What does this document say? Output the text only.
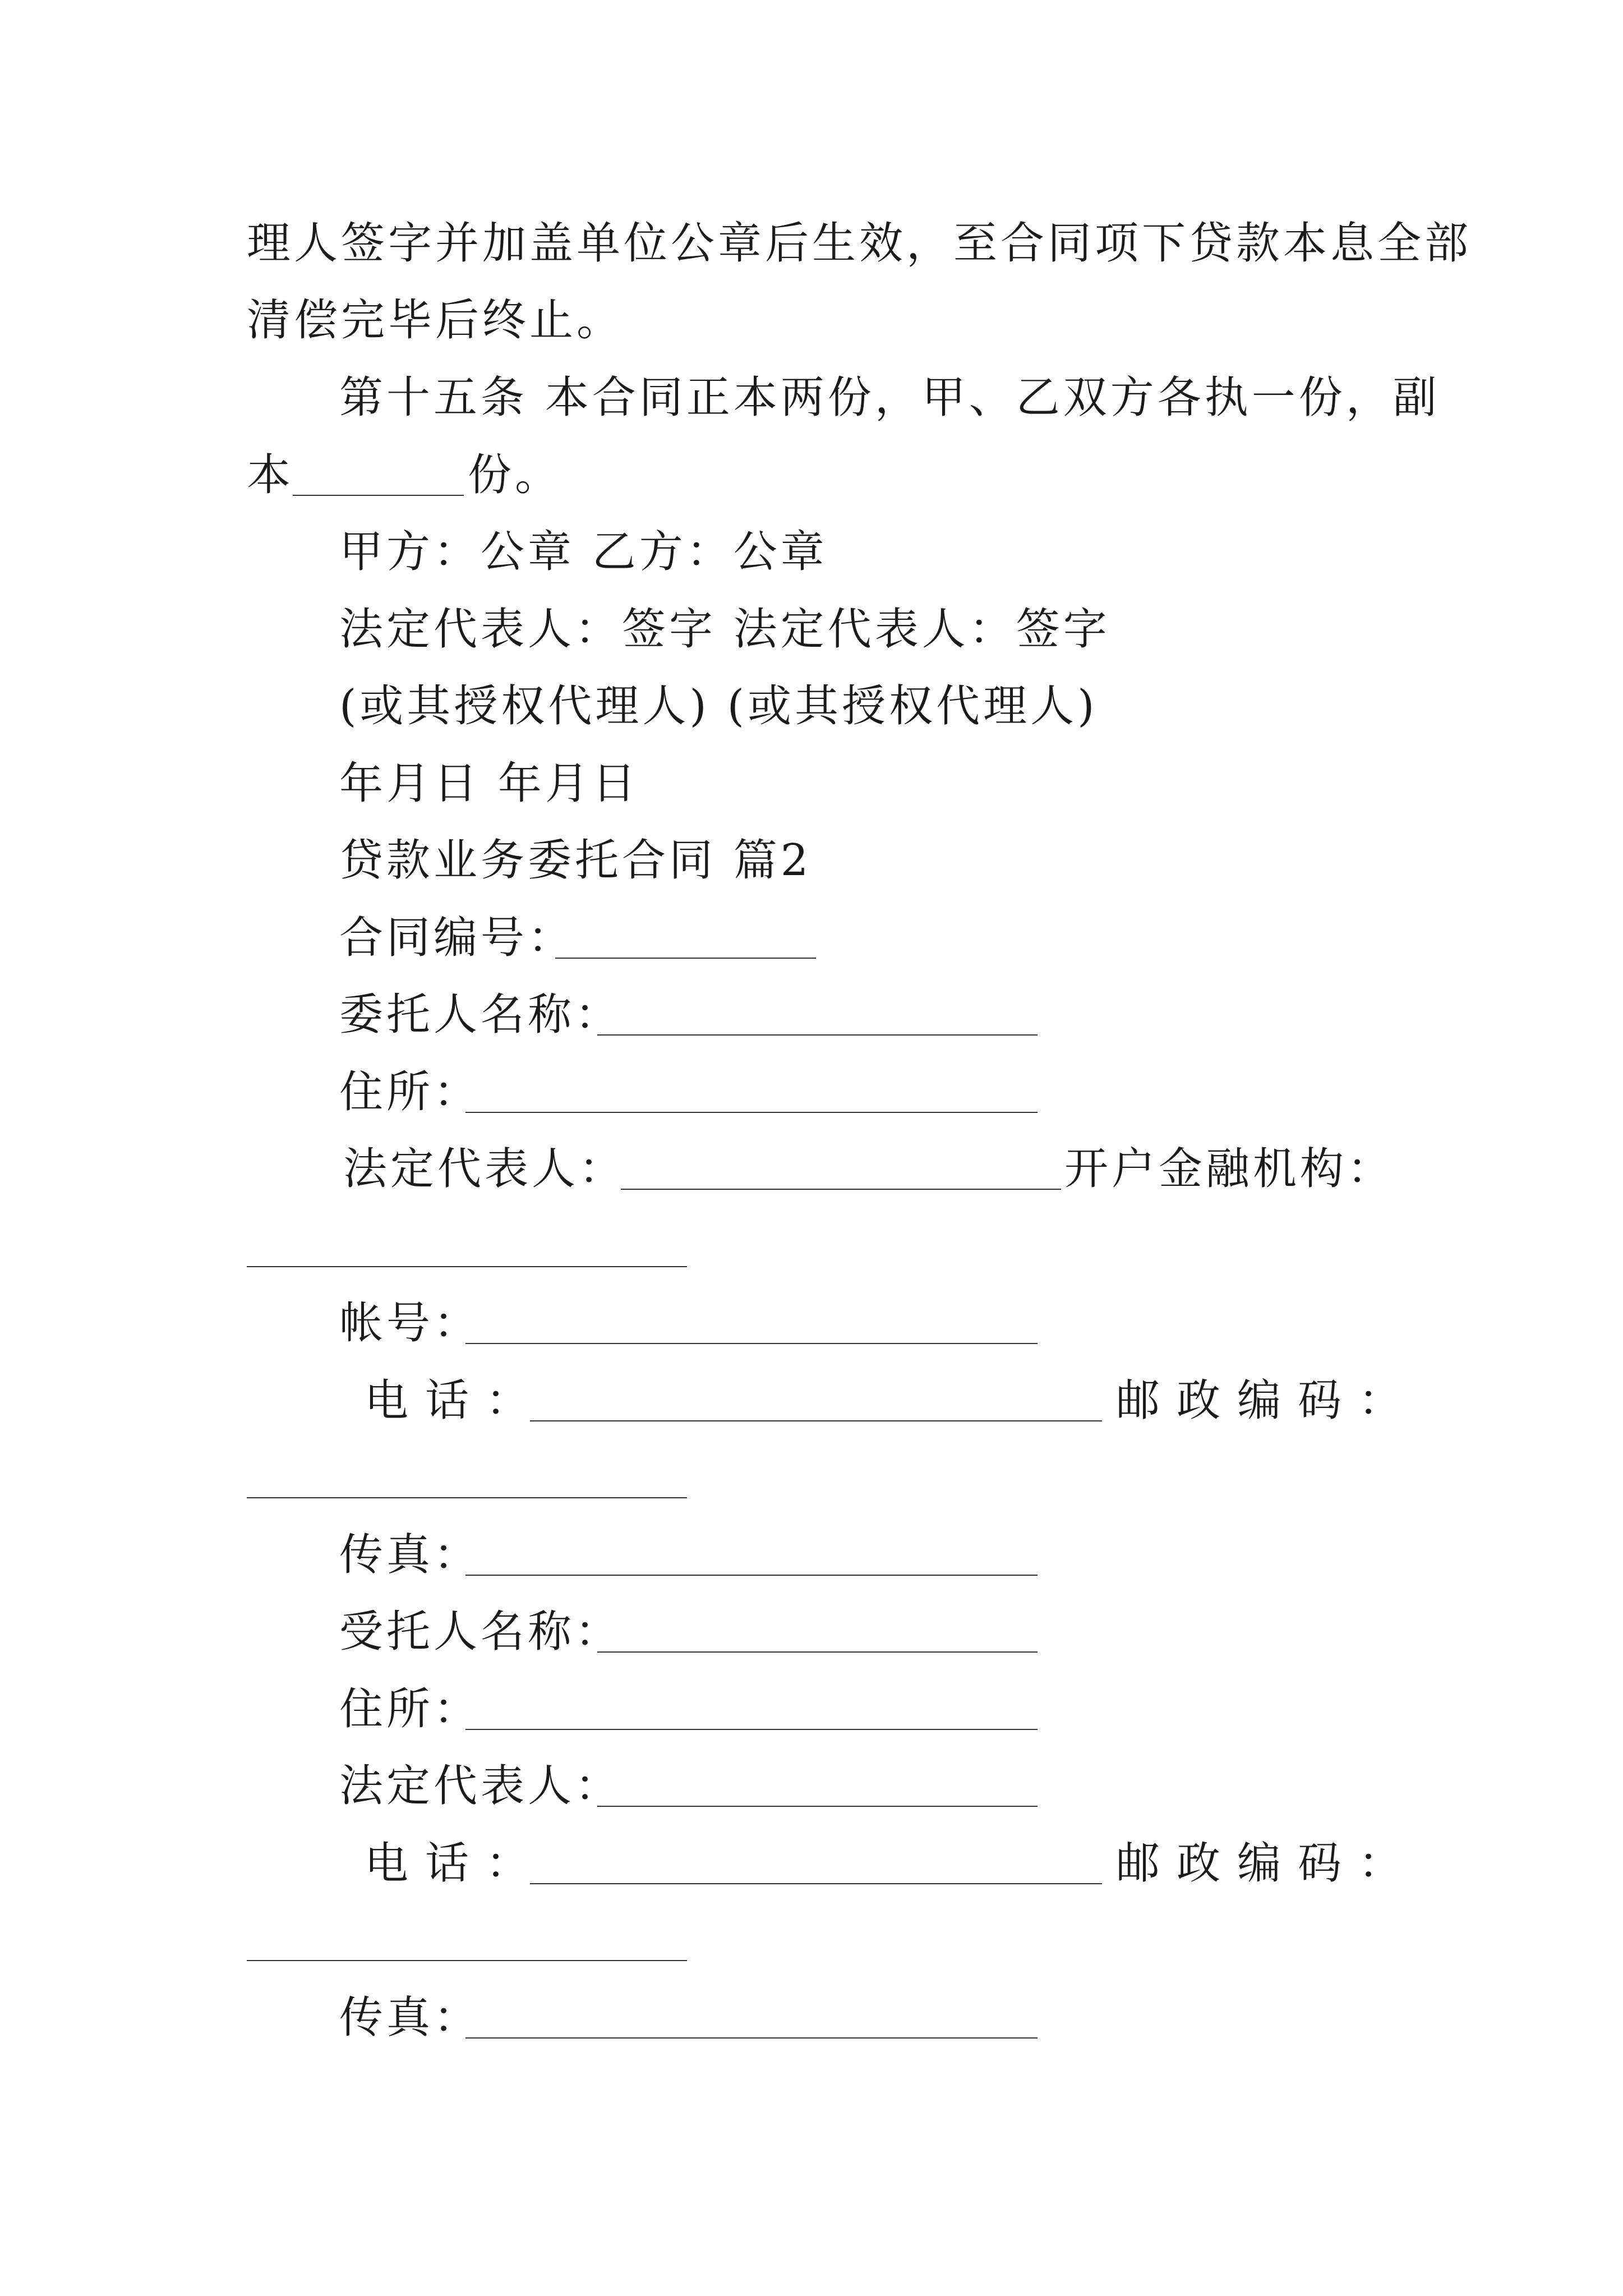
理人签字并加盖单位公章后生效，至合同项下贷款本息全部
清偿完毕后终止。
第十五条 本合同正本两份，甲、乙双方各执一份，副
本	份。
甲方：公章 乙方：公章
法定代表人：签字 法定代表人：签字
(或其授权代理人) (或其授权代理人)
年月日 年月日
贷款业务委托合同 篇2
合同编号：
委托人名称：
住所：
法定代表人：	开户金融机构：
帐号：
电话：	邮政编码：
传真：
受托人名称：
住所：
法定代表人：
电话：	邮政编码：
传真：
